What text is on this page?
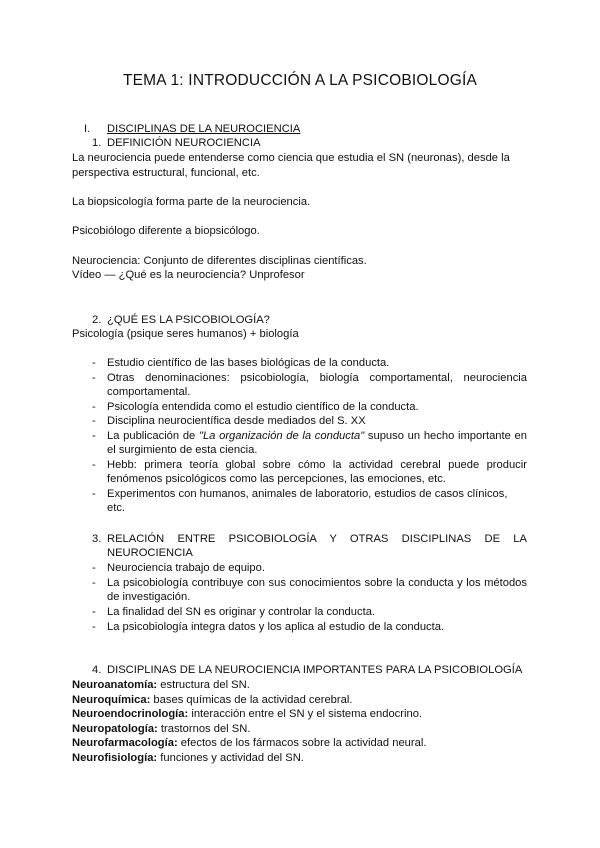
TEMA 1: INTRODUCCIÓN A LA PSICOBIOLOGÍA
I. DISCIPLINAS DE LA NEUROCIENCIA
1. DEFINICIÓN NEUROCIENCIA
La neurociencia puede entenderse como ciencia que estudia el SN (neuronas), desde la
perspectiva estructural, funcional, etc.
La biopsicología forma parte de la neurociencia.
Psicobiólogo diferente a biopsicólogo.
Neurociencia: Conjunto de diferentes disciplinas científicas.
Vídeo — ¿Qué es la neurociencia? Unprofesor
2. ¿QUÉ ES LA PSICOBIOLOGÍA?
Psicología (psique seres humanos) + biología
- Estudio científico de las bases biológicas de la conducta.
- Otras denominaciones: psicobiología, biología comportamental, neurociencia
comportamental.
- Psicología entendida como el estudio científico de la conducta.
- Disciplina neurocientífica desde mediados del S. XX
- La publicación de "La organización de la conducta" supuso un hecho importante en
el surgimiento de esta ciencia.
- Hebb: primera teoría global sobre cómo la actividad cerebral puede producir
fenómenos psicológicos como las percepciones, las emociones, etc.
- Experimentos con humanos, animales de laboratorio, estudios de casos clínicos, etc.
3. RELACIÓN ENTRE PSICOBIOLOGÍA Y OTRAS DISCIPLINAS DE LA
NEUROCIENCIA
- Neurociencia trabajo de equipo.
- La psicobiología contribuye con sus conocimientos sobre la conducta y los métodos
de investigación.
- La finalidad del SN es originar y controlar la conducta.
- La psicobiología integra datos y los aplica al estudio de la conducta.
4. DISCIPLINAS DE LA NEUROCIENCIA IMPORTANTES PARA LA PSICOBIOLOGÍA
Neuroanatomía: estructura del SN.
Neuroquímica: bases químicas de la actividad cerebral.
Neuroendocrinología: interacción entre el SN y el sistema endocrino.
Neuropatología: trastornos del SN.
Neurofarmacología: efectos de los fármacos sobre la actividad neural.
Neurofisiología: funciones y actividad del SN.
